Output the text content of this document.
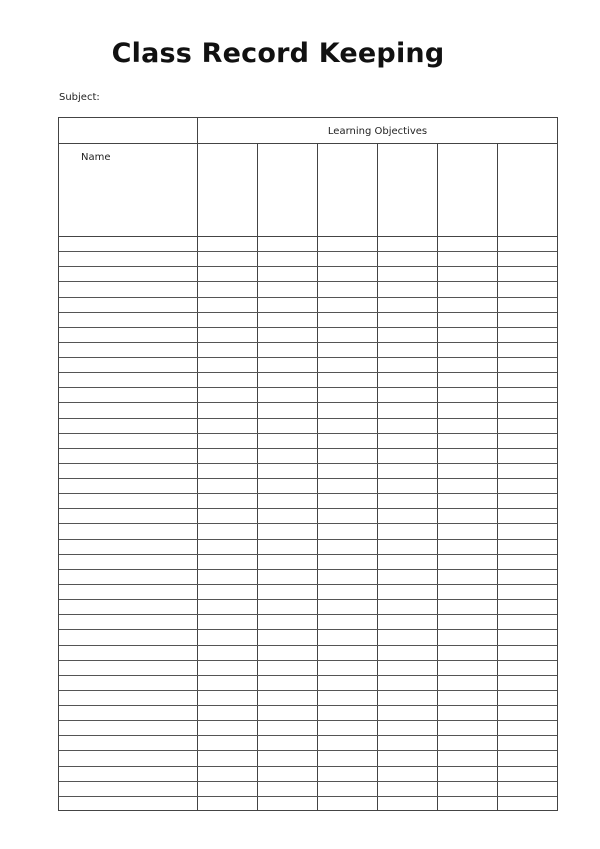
Class Record Keeping
Subject:
Learning Objectives
Name
